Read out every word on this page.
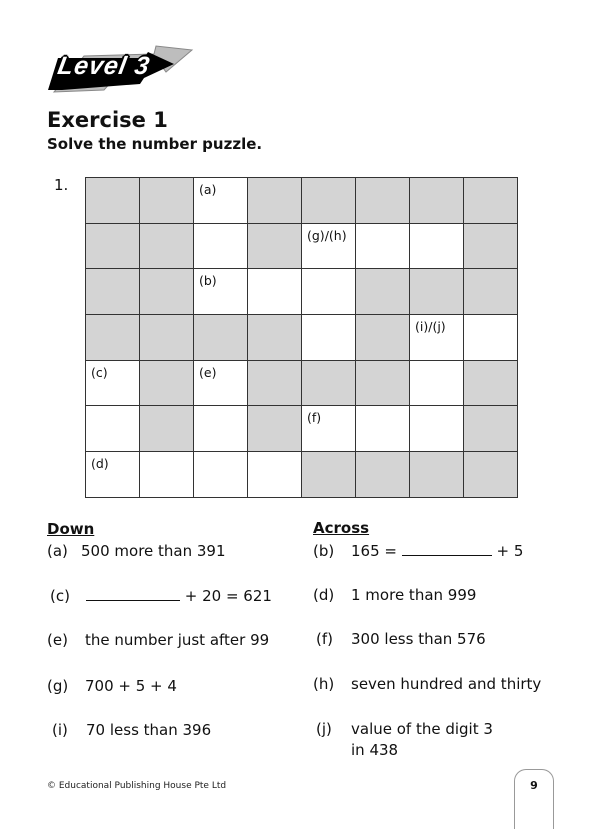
Level 3
Exercise 1

Solve the number puzzle.

1.	(a)
(g)/(h)
(b)
(i)/(j)
(c)	(e)
(f)
(d)
Down
(a) 500 more than 391
(c)	+ 20 = 621
(e) the number just after 99
(g) 700 + 5 + 4
(i) 70 less than 396
Across
(b) 165 =	+ 5
(d) 1 more than 999
(f) 300 less than 576
(h) seven hundred and thirty
(j) value of the digit 3
in 438
© Educational Publishing House Pte Ltd	9
